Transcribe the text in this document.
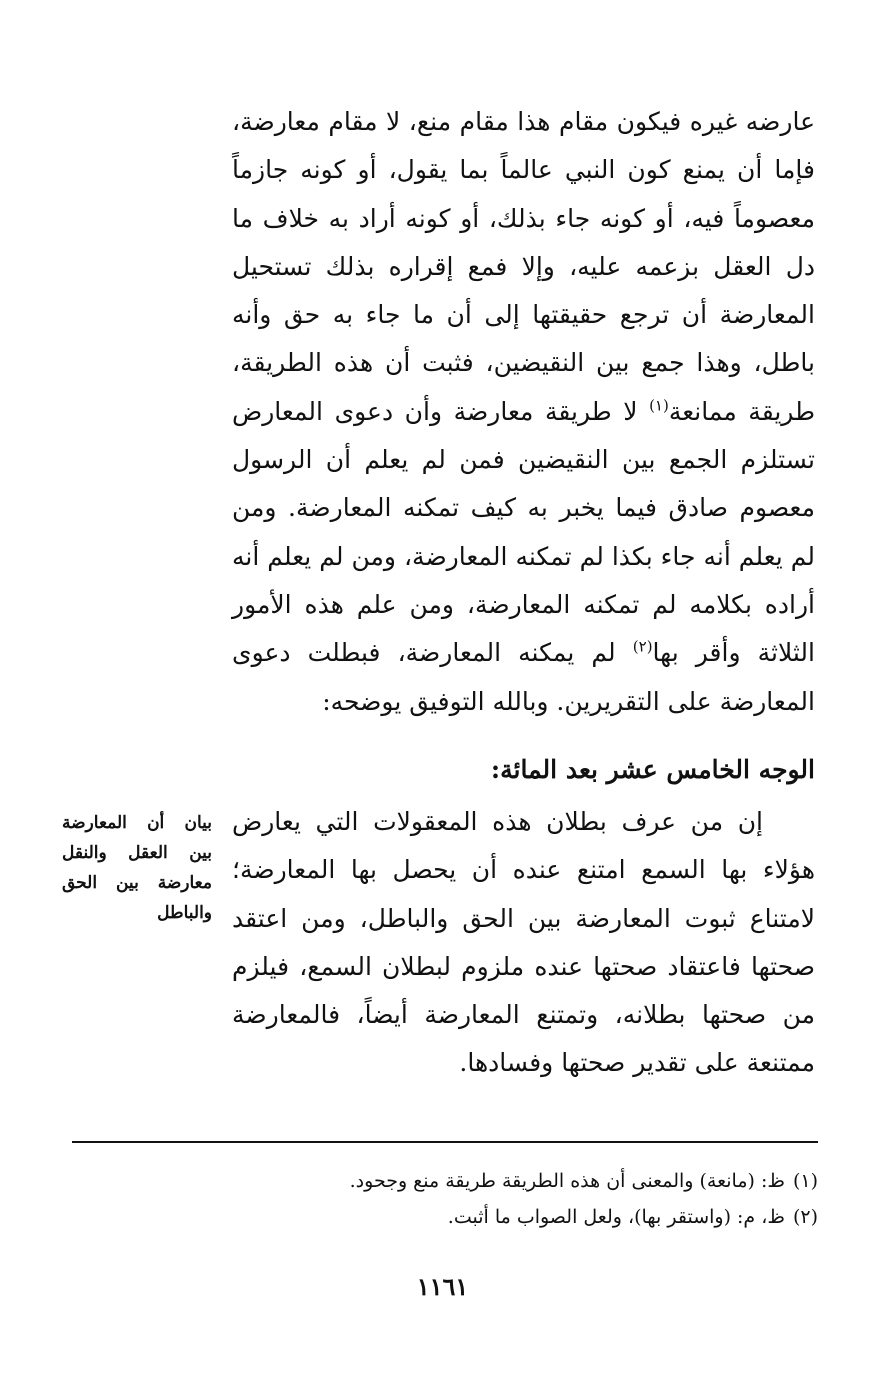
عارضه غيره فيكون مقام هذا مقام منع، لا مقام معارضة، فإما أن يمنع كون النبي عالماً بما يقول، أو كونه جازماً معصوماً فيه، أو كونه جاء بذلك، أو كونه أراد به خلاف ما دل العقل بزعمه عليه، وإلا فمع إقراره بذلك تستحيل المعارضة أن ترجع حقيقتها إلى أن ما جاء به حق وأنه باطل، وهذا جمع بين النقيضين، فثبت أن هذه الطريقة، طريقة ممانعة$^{(١)}$ لا طريقة معارضة وأن دعوى المعارض تستلزم الجمع بين النقيضين فمن لم يعلم أن الرسول معصوم صادق فيما يخبر به كيف تمكنه المعارضة. ومن لم يعلم أنه جاء بكذا لم تمكنه المعارضة، ومن لم يعلم أنه أراده بكلامه لم تمكنه المعارضة، ومن علم هذه الأمور الثلاثة وأقر بها$^{(٢)}$ لم يمكنه المعارضة، فبطلت دعوى المعارضة على التقريرين. وبالله التوفيق يوضحه:

الوجه الخامس عشر بعد المائة:

إن من عرف بطلان هذه المعقولات التي يعارض هؤلاء بها السمع امتنع عنده أن يحصل بها المعارضة؛ لامتناع ثبوت المعارضة بين الحق والباطل، ومن اعتقد صحتها فاعتقاد صحتها عنده ملزوم لبطلان السمع، فيلزم من صحتها بطلانه، وتمتنع المعارضة أيضاً، فالمعارضة ممتنعة على تقدير صحتها وفسادها.

بيان أن المعارضة بين العقل والنقل معارضة بين الحق والباطل

(١)ظ: (مانعة) والمعنى أن هذه الطريقة طريقة منع وجحود.
(٢)ظ، م: (واستقر بها)، ولعل الصواب ما أثبت.
١١٦١
